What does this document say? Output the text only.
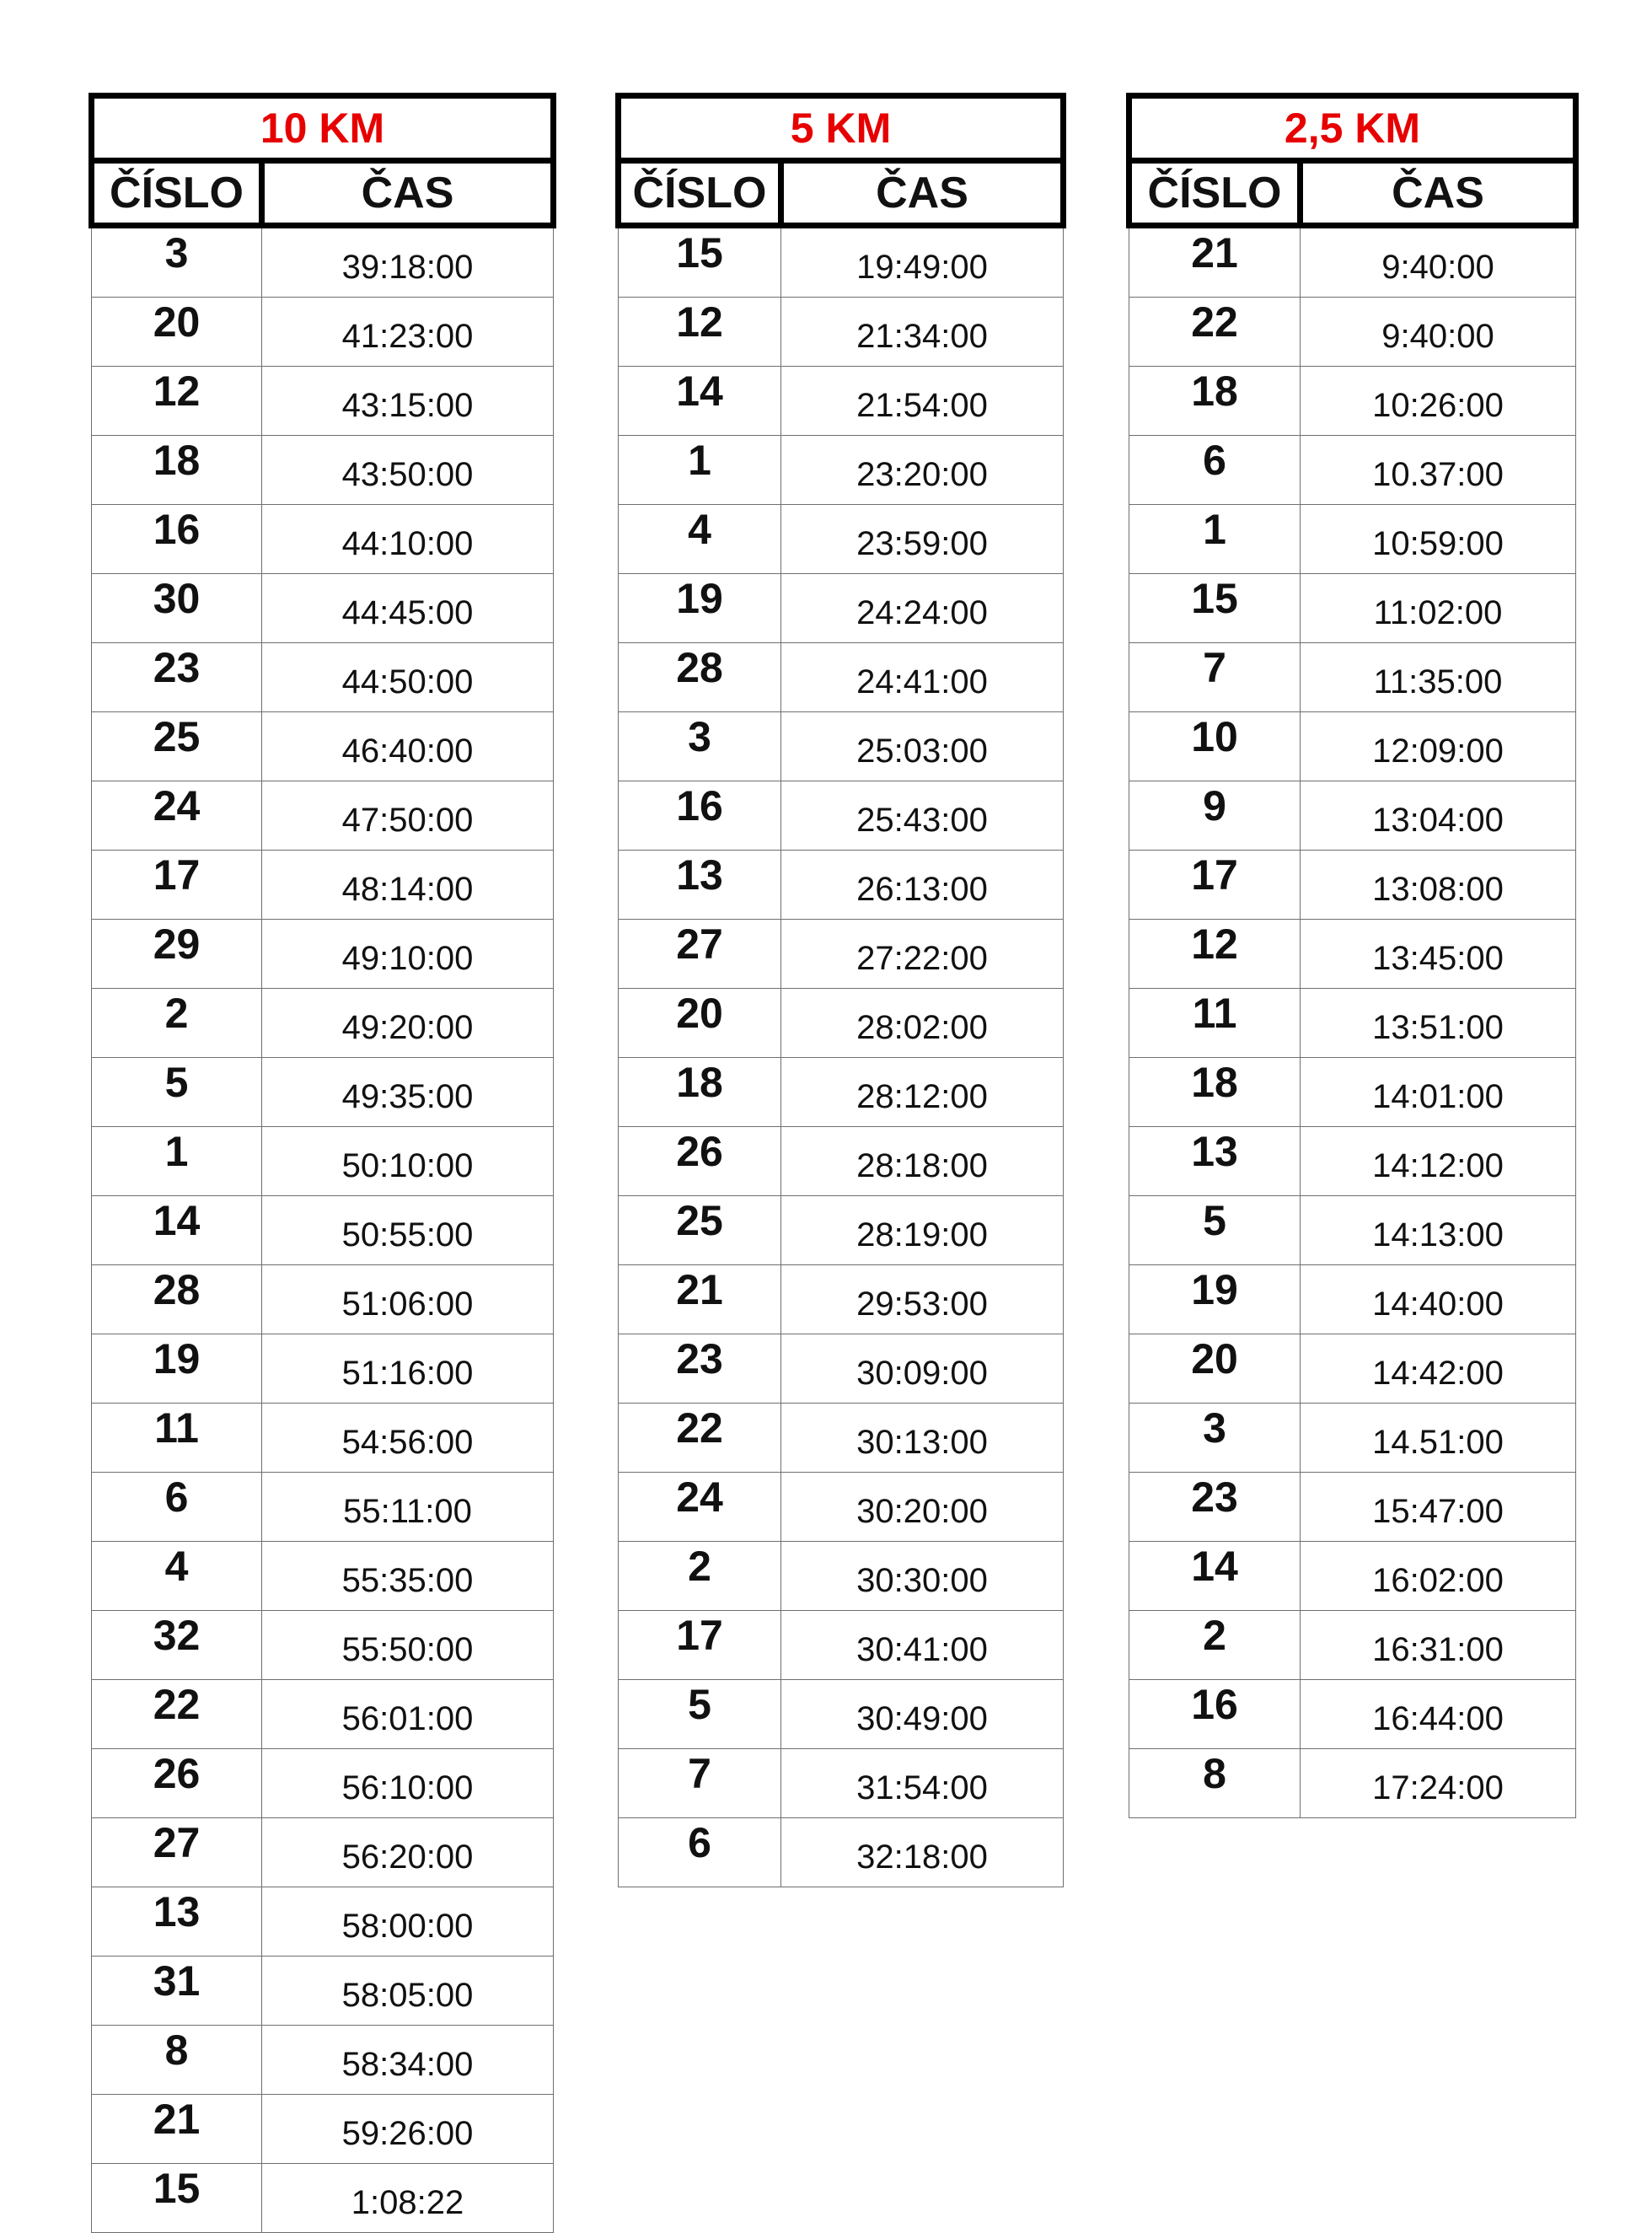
10 KM	
ČÍSLO	ČAS
3	39:18:00
20	41:23:00
12	43:15:00
18	43:50:00
16	44:10:00
30	44:45:00
23	44:50:00
25	46:40:00
24	47:50:00
17	48:14:00
29	49:10:00
2	49:20:00
5	49:35:00
1	50:10:00
14	50:55:00
28	51:06:00
19	51:16:00
11	54:56:00
6	55:11:00
4	55:35:00
32	55:50:00
22	56:01:00
26	56:10:00
27	56:20:00
13	58:00:00
31	58:05:00
8	58:34:00
21	59:26:00
15	1:08:22
5 KM	
ČÍSLO	ČAS
15	19:49:00
12	21:34:00
14	21:54:00
1	23:20:00
4	23:59:00
19	24:24:00
28	24:41:00
3	25:03:00
16	25:43:00
13	26:13:00
27	27:22:00
20	28:02:00
18	28:12:00
26	28:18:00
25	28:19:00
21	29:53:00
23	30:09:00
22	30:13:00
24	30:20:00
2	30:30:00
17	30:41:00
5	30:49:00
7	31:54:00
6	32:18:00
2,5 KM	
ČÍSLO	ČAS
21	9:40:00
22	9:40:00
18	10:26:00
6	10.37:00
1	10:59:00
15	11:02:00
7	11:35:00
10	12:09:00
9	13:04:00
17	13:08:00
12	13:45:00
11	13:51:00
18	14:01:00
13	14:12:00
5	14:13:00
19	14:40:00
20	14:42:00
3	14.51:00
23	15:47:00
14	16:02:00
2	16:31:00
16	16:44:00
8	17:24:00
